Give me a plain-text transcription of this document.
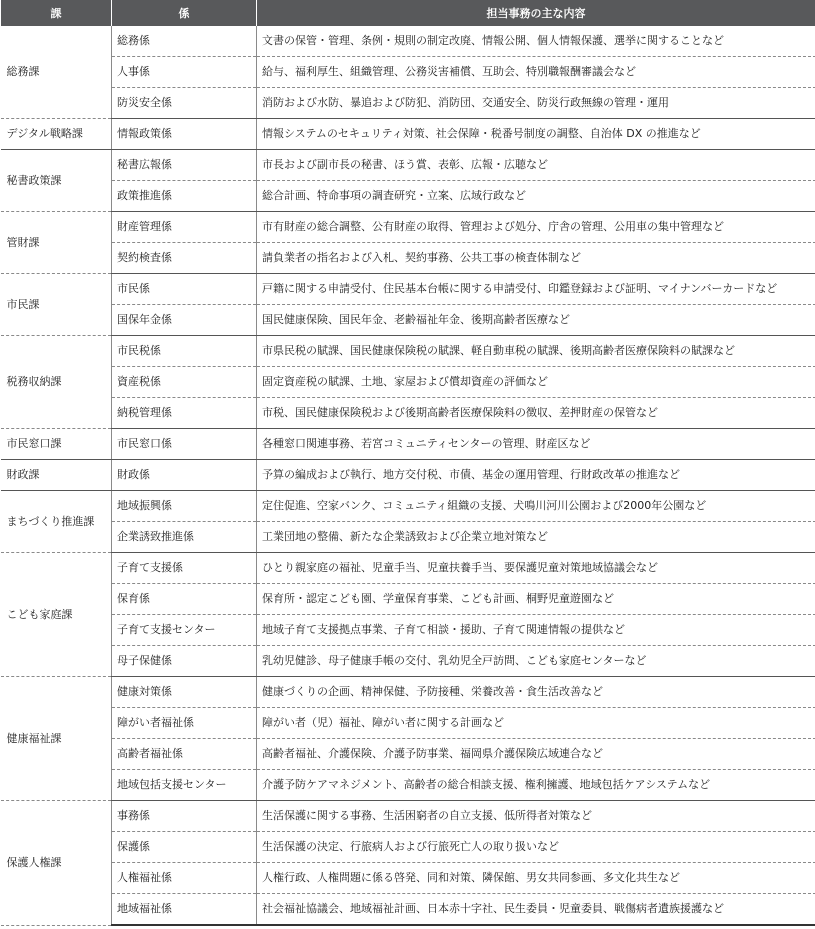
課	係	担当事務の主な内容
総務課	総務係	文書の保管・管理、条例・規則の制定改廃、情報公開、個人情報保護、選挙に関することなど
	人事係	給与、福利厚生、組織管理、公務災害補償、互助会、特別職報酬審議会など
	防災安全係	消防および水防、暴追および防犯、消防団、交通安全、防災行政無線の管理・運用
デジタル戦略課	情報政策係	情報システムのセキュリティ対策、社会保障・税番号制度の調整、自治体 DX の推進など
秘書政策課	秘書広報係	市長および副市長の秘書、ほう賞、表彰、広報・広聴など
	政策推進係	総合計画、特命事項の調査研究・立案、広域行政など
管財課	財産管理係	市有財産の総合調整、公有財産の取得、管理および処分、庁舎の管理、公用車の集中管理など
	契約検査係	請負業者の指名および入札、契約事務、公共工事の検査体制など
市民課	市民係	戸籍に関する申請受付、住民基本台帳に関する申請受付、印鑑登録および証明、マイナンバーカードなど
	国保年金係	国民健康保険、国民年金、老齢福祉年金、後期高齢者医療など
税務収納課	市民税係	市県民税の賦課、国民健康保険税の賦課、軽自動車税の賦課、後期高齢者医療保険料の賦課など
	資産税係	固定資産税の賦課、土地、家屋および償却資産の評価など
	納税管理係	市税、国民健康保険税および後期高齢者医療保険料の徴収、差押財産の保管など
市民窓口課	市民窓口係	各種窓口関連事務、若宮コミュニティセンターの管理、財産区など
財政課	財政係	予算の編成および執行、地方交付税、市債、基金の運用管理、行財政改革の推進など
まちづくり推進課	地域振興係	定住促進、空家バンク、コミュニティ組織の支援、犬鳴川河川公園および2000年公園など
	企業誘致推進係	工業団地の整備、新たな企業誘致および企業立地対策など
こども家庭課	子育て支援係	ひとり親家庭の福祉、児童手当、児童扶養手当、要保護児童対策地域協議会など
	保育係	保育所・認定こども園、学童保育事業、こども計画、桐野児童遊園など
	子育て支援センター	地域子育て支援拠点事業、子育て相談・援助、子育て関連情報の提供など
	母子保健係	乳幼児健診、母子健康手帳の交付、乳幼児全戸訪問、こども家庭センターなど
健康福祉課	健康対策係	健康づくりの企画、精神保健、予防接種、栄養改善・食生活改善など
	障がい者福祉係	障がい者（児）福祉、障がい者に関する計画など
	高齢者福祉係	高齢者福祉、介護保険、介護予防事業、福岡県介護保険広域連合など
	地域包括支援センター	介護予防ケアマネジメント、高齢者の総合相談支援、権利擁護、地域包括ケアシステムなど
保護人権課	事務係	生活保護に関する事務、生活困窮者の自立支援、低所得者対策など
	保護係	生活保護の決定、行旅病人および行旅死亡人の取り扱いなど
	人権福祉係	人権行政、人権問題に係る啓発、同和対策、隣保館、男女共同参画、多文化共生など
	地域福祉係	社会福祉協議会、地域福祉計画、日本赤十字社、民生委員・児童委員、戦傷病者遺族援護など
